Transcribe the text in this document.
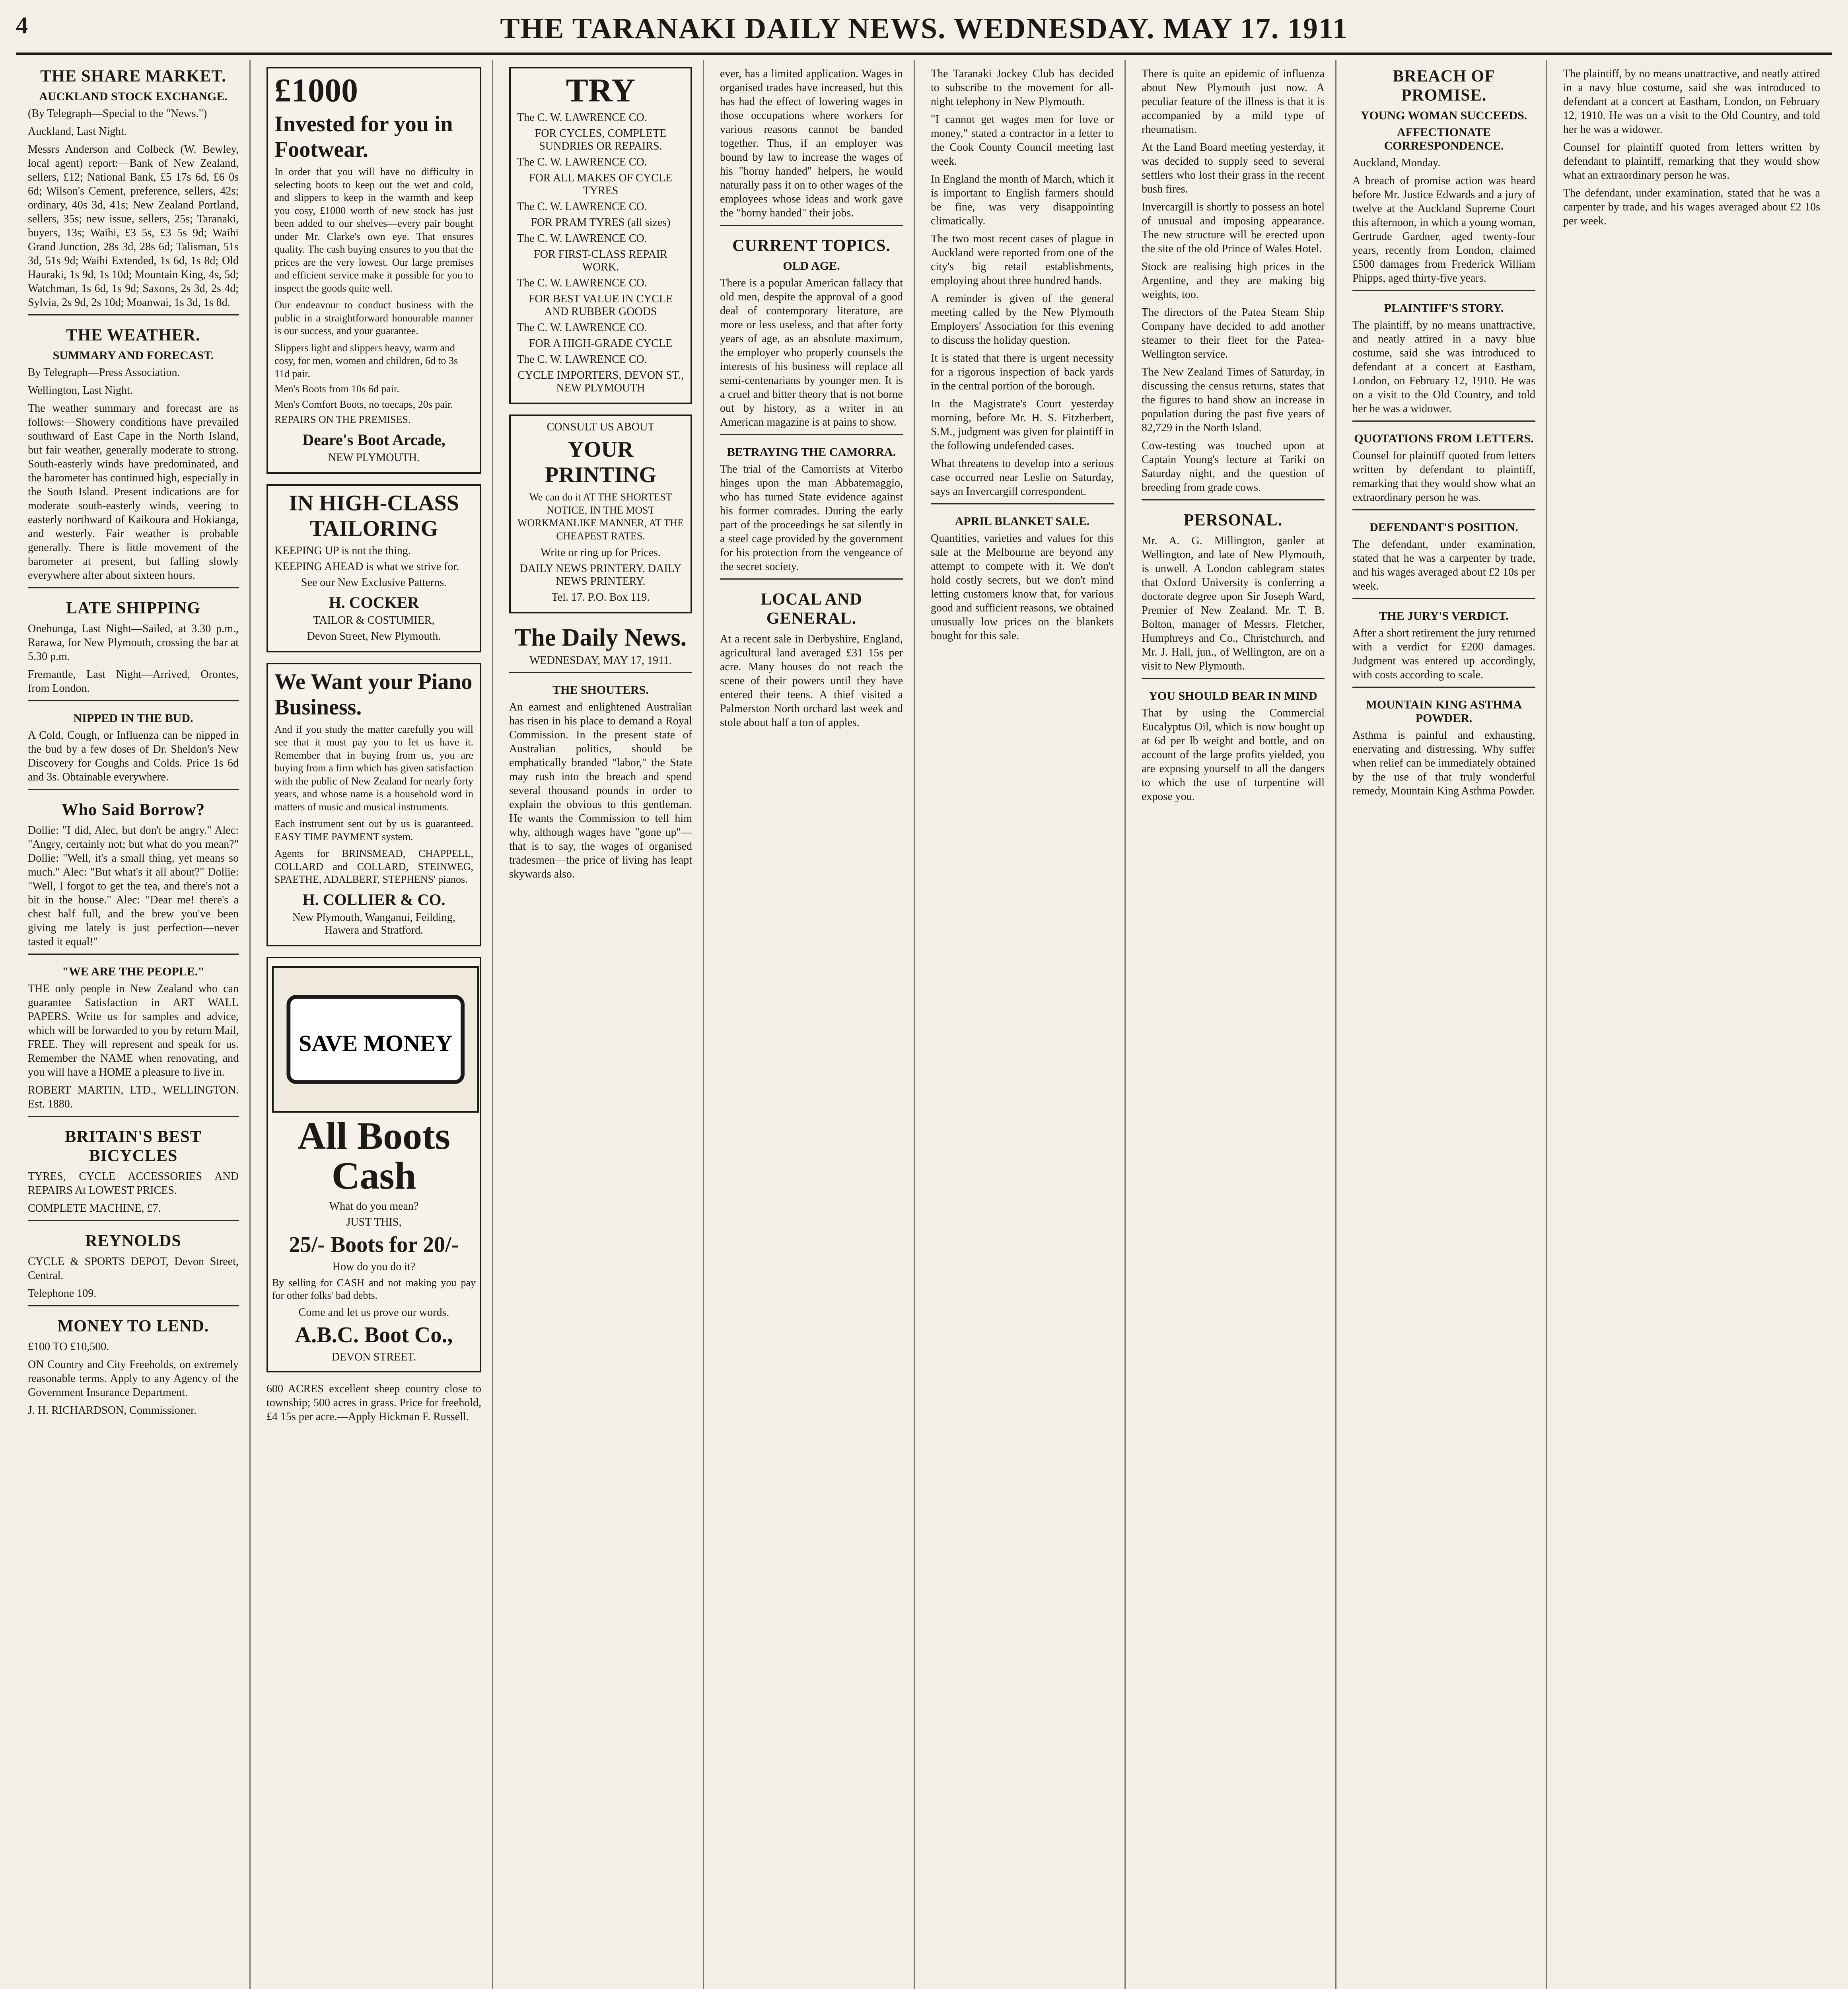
4	THE TARANAKI DAILY NEWS. WEDNESDAY. MAY 17. 1911
THE SHARE MARKET.
AUCKLAND STOCK EXCHANGE.

(By Telegraph—Special to the "News.")

Auckland, Last Night.

Messrs Anderson and Colbeck (W. Bewley, local agent) report:—Bank of New Zealand, sellers, £12; National Bank, £5 17s 6d, £6 0s 6d; Wilson's Cement, preference, sellers, 42s; ordinary, 40s 3d, 41s; New Zealand Portland, sellers, 35s; new issue, sellers, 25s; Taranaki, buyers, 13s; Waihi, £3 5s, £3 5s 9d; Waihi Grand Junction, 28s 3d, 28s 6d; Talisman, 51s 3d, 51s 9d; Waihi Extended, 1s 6d, 1s 8d; Old Hauraki, 1s 9d, 1s 10d; Mountain King, 4s, 5d; Watchman, 1s 6d, 1s 9d; Saxons, 2s 3d, 2s 4d; Sylvia, 2s 9d, 2s 10d; Moanwai, 1s 3d, 1s 8d.

THE WEATHER.
SUMMARY AND FORECAST.

By Telegraph—Press Association.

Wellington, Last Night.

The weather summary and forecast are as follows:—Showery conditions have prevailed southward of East Cape in the North Island, but fair weather, generally moderate to strong. South-easterly winds have predominated, and the barometer has continued high, especially in the South Island. Present indications are for moderate south-easterly winds, veering to easterly northward of Kaikoura and Hokianga, and westerly. Fair weather is probable generally. There is little movement of the barometer at present, but falling slowly everywhere after about sixteen hours.

LATE SHIPPING

Onehunga, Last Night—Sailed, at 3.30 p.m., Rarawa, for New Plymouth, crossing the bar at 5.30 p.m.

Fremantle, Last Night—Arrived, Orontes, from London.

NIPPED IN THE BUD.

A Cold, Cough, or Influenza can be nipped in the bud by a few doses of Dr. Sheldon's New Discovery for Coughs and Colds. Price 1s 6d and 3s. Obtainable everywhere.

Who Said Borrow?

Dollie: "I did, Alec, but don't be angry." Alec: "Angry, certainly not; but what do you mean?" Dollie: "Well, it's a small thing, yet means so much." Alec: "But what's it all about?" Dollie: "Well, I forgot to get the tea, and there's not a bit in the house." Alec: "Dear me! there's a chest half full, and the brew you've been giving me lately is just perfection—never tasted it equal!"

"WE ARE THE PEOPLE."

THE only people in New Zealand who can guarantee Satisfaction in ART WALL PAPERS. Write us for samples and advice, which will be forwarded to you by return Mail, FREE. They will represent and speak for us. Remember the NAME when renovating, and you will have a HOME a pleasure to live in.

ROBERT MARTIN, LTD., WELLINGTON. Est. 1880.

BRITAIN'S BEST BICYCLES

TYRES, CYCLE ACCESSORIES AND REPAIRS At LOWEST PRICES.

COMPLETE MACHINE, £7.

REYNOLDS

CYCLE & SPORTS DEPOT, Devon Street, Central.

Telephone 109.

MONEY TO LEND.

£100 TO £10,500.

ON Country and City Freeholds, on extremely reasonable terms. Apply to any Agency of the Government Insurance Department.

J. H. RICHARDSON, Commissioner.

£1000
Invested for you in Footwear.

In order that you will have no difficulty in selecting boots to keep out the wet and cold, and slippers to keep in the warmth and keep you cosy, £1000 worth of new stock has just been added to our shelves—every pair bought under Mr. Clarke's own eye. That ensures quality. The cash buying ensures to you that the prices are the very lowest. Our large premises and efficient service make it possible for you to inspect the goods quite well.

Our endeavour to conduct business with the public in a straightforward honourable manner is our success, and your guarantee.

Slippers light and slippers heavy, warm and cosy, for men, women and children, 6d to 3s 11d pair.

Men's Boots from 10s 6d pair.

Men's Comfort Boots, no toecaps, 20s pair.

REPAIRS ON THE PREMISES.

Deare's Boot Arcade,
NEW PLYMOUTH.
IN HIGH-CLASS TAILORING
KEEPING UP is not the thing.
KEEPING AHEAD is what we strive for.
See our New Exclusive Patterns.
H. COCKER
TAILOR & COSTUMIER,
Devon Street, New Plymouth.
We Want your Piano Business.

And if you study the matter carefully you will see that it must pay you to let us have it. Remember that in buying from us, you are buying from a firm which has given satisfaction with the public of New Zealand for nearly forty years, and whose name is a household word in matters of music and musical instruments.

Each instrument sent out by us is guaranteed. EASY TIME PAYMENT system.

Agents for BRINSMEAD, CHAPPELL, COLLARD and COLLARD, STEINWEG, SPAETHE, ADALBERT, STEPHENS' pianos.

H. COLLIER & CO.
New Plymouth, Wanganui, Feilding, Hawera and Stratford.
SAVE MONEY
All Boots Cash
What do you mean?
JUST THIS,
25/- Boots for 20/-
How do you do it?

By selling for CASH and not making you pay for other folks' bad debts.

Come and let us prove our words.
A.B.C. Boot Co.,
DEVON STREET.

600 ACRES excellent sheep country close to township; 500 acres in grass. Price for freehold, £4 15s per acre.—Apply Hickman F. Russell.

TRY
The C. W. LAWRENCE CO.
FOR CYCLES, COMPLETE SUNDRIES OR REPAIRS.
The C. W. LAWRENCE CO.
FOR ALL MAKES OF CYCLE TYRES
The C. W. LAWRENCE CO.
FOR PRAM TYRES (all sizes)
The C. W. LAWRENCE CO.
FOR FIRST-CLASS REPAIR WORK.
The C. W. LAWRENCE CO.
FOR BEST VALUE IN CYCLE AND RUBBER GOODS
The C. W. LAWRENCE CO.
FOR A HIGH-GRADE CYCLE
The C. W. LAWRENCE CO.
CYCLE IMPORTERS, DEVON ST., NEW PLYMOUTH
CONSULT US ABOUT
YOUR PRINTING

We can do it AT THE SHORTEST NOTICE, IN THE MOST WORKMANLIKE MANNER, AT THE CHEAPEST RATES.

Write or ring up for Prices.
DAILY NEWS PRINTERY. DAILY NEWS PRINTERY.
Tel. 17. P.O. Box 119.
The Daily News.
WEDNESDAY, MAY 17, 1911.
THE SHOUTERS.

An earnest and enlightened Australian has risen in his place to demand a Royal Commission. In the present state of Australian politics, should be emphatically branded "labor," the State may rush into the breach and spend several thousand pounds in order to explain the obvious to this gentleman. He wants the Commission to tell him why, although wages have "gone up"—that is to say, the wages of organised tradesmen—the price of living has leapt skywards also.

ever, has a limited application. Wages in organised trades have increased, but this has had the effect of lowering wages in those occupations where workers for various reasons cannot be banded together. Thus, if an employer was bound by law to increase the wages of his "horny handed" helpers, he would naturally pass it on to other wages of the employees whose ideas and work gave the "horny handed" their jobs.

CURRENT TOPICS.
OLD AGE.

There is a popular American fallacy that old men, despite the approval of a good deal of contemporary literature, are more or less useless, and that after forty years of age, as an absolute maximum, the employer who properly counsels the interests of his business will replace all semi-centenarians by younger men. It is a cruel and bitter theory that is not borne out by history, as a writer in an American magazine is at pains to show.

BETRAYING THE CAMORRA.

The trial of the Camorrists at Viterbo hinges upon the man Abbatemaggio, who has turned State evidence against his former comrades. During the early part of the proceedings he sat silently in a steel cage provided by the government for his protection from the vengeance of the secret society.

LOCAL AND GENERAL.

At a recent sale in Derbyshire, England, agricultural land averaged £31 15s per acre. Many houses do not reach the scene of their powers until they have entered their teens. A thief visited a Palmerston North orchard last week and stole about half a ton of apples.

The Taranaki Jockey Club has decided to subscribe to the movement for all-night telephony in New Plymouth.

"I cannot get wages men for love or money," stated a contractor in a letter to the Cook County Council meeting last week.

In England the month of March, which it is important to English farmers should be fine, was very disappointing climatically.

The two most recent cases of plague in Auckland were reported from one of the city's big retail establishments, employing about three hundred hands.

A reminder is given of the general meeting called by the New Plymouth Employers' Association for this evening to discuss the holiday question.

It is stated that there is urgent necessity for a rigorous inspection of back yards in the central portion of the borough.

In the Magistrate's Court yesterday morning, before Mr. H. S. Fitzherbert, S.M., judgment was given for plaintiff in the following undefended cases.

What threatens to develop into a serious case occurred near Leslie on Saturday, says an Invercargill correspondent.

APRIL BLANKET SALE.

Quantities, varieties and values for this sale at the Melbourne are beyond any attempt to compete with it. We don't hold costly secrets, but we don't mind letting customers know that, for various good and sufficient reasons, we obtained unusually low prices on the blankets bought for this sale.

There is quite an epidemic of influenza about New Plymouth just now. A peculiar feature of the illness is that it is accompanied by a mild type of rheumatism.

At the Land Board meeting yesterday, it was decided to supply seed to several settlers who lost their grass in the recent bush fires.

Invercargill is shortly to possess an hotel of unusual and imposing appearance. The new structure will be erected upon the site of the old Prince of Wales Hotel.

Stock are realising high prices in the Argentine, and they are making big weights, too.

The directors of the Patea Steam Ship Company have decided to add another steamer to their fleet for the Patea-Wellington service.

The New Zealand Times of Saturday, in discussing the census returns, states that the figures to hand show an increase in population during the past five years of 82,729 in the North Island.

Cow-testing was touched upon at Captain Young's lecture at Tariki on Saturday night, and the question of breeding from grade cows.

PERSONAL.

Mr. A. G. Millington, gaoler at Wellington, and late of New Plymouth, is unwell. A London cablegram states that Oxford University is conferring a doctorate degree upon Sir Joseph Ward, Premier of New Zealand. Mr. T. B. Bolton, manager of Messrs. Fletcher, Humphreys and Co., Christchurch, and Mr. J. Hall, jun., of Wellington, are on a visit to New Plymouth.

YOU SHOULD BEAR IN MIND

That by using the Commercial Eucalyptus Oil, which is now bought up at 6d per lb weight and bottle, and on account of the large profits yielded, you are exposing yourself to all the dangers to which the use of turpentine will expose you.

BREACH OF PROMISE.
YOUNG WOMAN SUCCEEDS.
AFFECTIONATE CORRESPONDENCE.

Auckland, Monday.

A breach of promise action was heard before Mr. Justice Edwards and a jury of twelve at the Auckland Supreme Court this afternoon, in which a young woman, Gertrude Gardner, aged twenty-four years, recently from London, claimed £500 damages from Frederick William Phipps, aged thirty-five years.

PLAINTIFF'S STORY.

The plaintiff, by no means unattractive, and neatly attired in a navy blue costume, said she was introduced to defendant at a concert at Eastham, London, on February 12, 1910. He was on a visit to the Old Country, and told her he was a widower.

QUOTATIONS FROM LETTERS.

Counsel for plaintiff quoted from letters written by defendant to plaintiff, remarking that they would show what an extraordinary person he was.

DEFENDANT'S POSITION.

The defendant, under examination, stated that he was a carpenter by trade, and his wages averaged about £2 10s per week.

THE JURY'S VERDICT.

After a short retirement the jury returned with a verdict for £200 damages. Judgment was entered up accordingly, with costs according to scale.

MOUNTAIN KING ASTHMA POWDER.

Asthma is painful and exhausting, enervating and distressing. Why suffer when relief can be immediately obtained by the use of that truly wonderful remedy, Mountain King Asthma Powder.

The plaintiff, by no means unattractive, and neatly attired in a navy blue costume, said she was introduced to defendant at a concert at Eastham, London, on February 12, 1910. He was on a visit to the Old Country, and told her he was a widower.

Counsel for plaintiff quoted from letters written by defendant to plaintiff, remarking that they would show what an extraordinary person he was.

The defendant, under examination, stated that he was a carpenter by trade, and his wages averaged about £2 10s per week.
